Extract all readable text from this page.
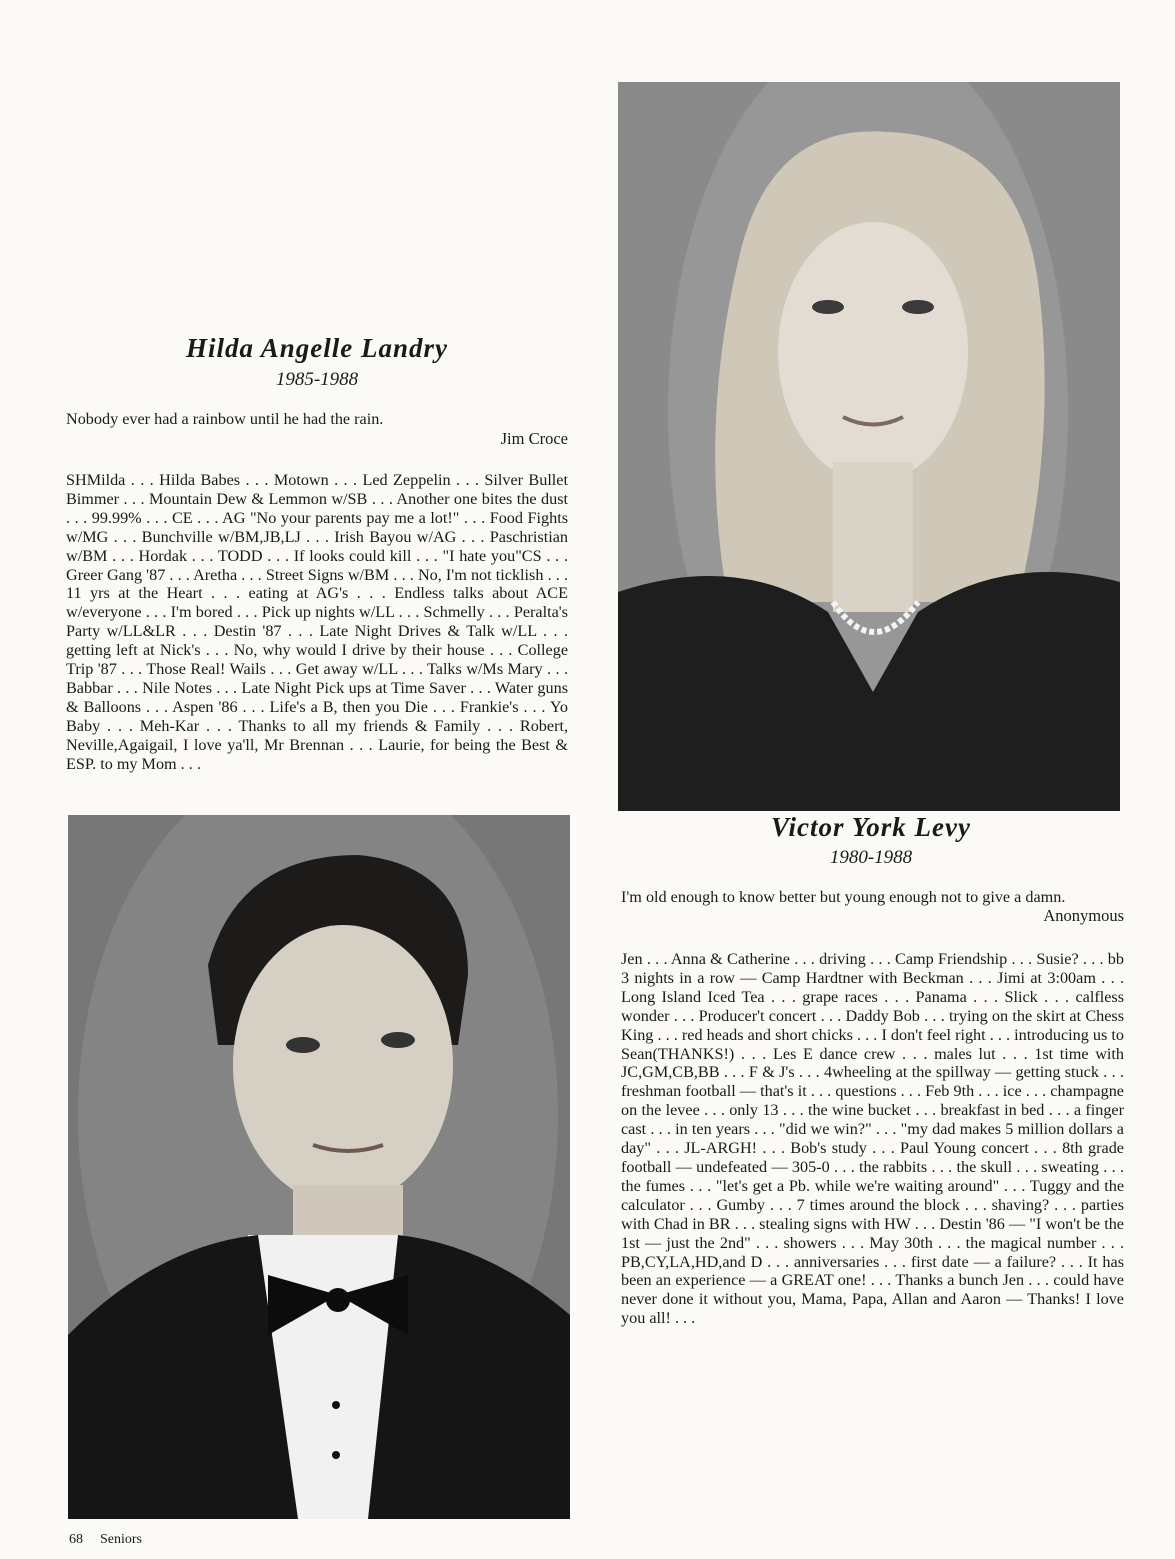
Hilda Angelle Landry
1985-1988

Nobody ever had a rainbow until he had the rain.

Jim Croce

SHMilda . . . Hilda Babes . . . Motown . . . Led Zeppelin . . . Silver Bullet Bimmer . . . Mountain Dew & Lemmon w/SB . . . Another one bites the dust . . . 99.99% . . . CE . . . AG "No your parents pay me a lot!" . . . Food Fights w/MG . . . Bunchville w/BM,JB,LJ . . . Irish Bayou w/AG . . . Paschristian w/BM . . . Hordak . . . TODD . . . If looks could kill . . . "I hate you"CS . . . Greer Gang '87 . . . Aretha . . . Street Signs w/BM . . . No, I'm not ticklish . . . 11 yrs at the Heart . . . eating at AG's . . . Endless talks about ACE w/everyone . . . I'm bored . . . Pick up nights w/LL . . . Schmelly . . . Peralta's Party w/LL&LR . . . Destin '87 . . . Late Night Drives & Talk w/LL . . . getting left at Nick's . . . No, why would I drive by their house . . . College Trip '87 . . . Those Real! Wails . . . Get away w/LL . . . Talks w/Ms Mary . . . Babbar . . . Nile Notes . . . Late Night Pick ups at Time Saver . . . Water guns & Balloons . . . Aspen '86 . . . Life's a B, then you Die . . . Frankie's . . . Yo Baby . . . Meh-Kar . . . Thanks to all my friends & Family . . . Robert, Neville,Agaigail, I love ya'll, Mr Brennan . . . Laurie, for being the Best & ESP. to my Mom . . .

Victor York Levy
1980-1988

I'm old enough to know better but young enough not to give a damn.

Anonymous

Jen . . . Anna & Catherine . . . driving . . . Camp Friendship . . . Susie? . . . bb 3 nights in a row — Camp Hardtner with Beckman . . . Jimi at 3:00am . . . Long Island Iced Tea . . . grape races . . . Panama . . . Slick . . . calfless wonder . . . Producer't concert . . . Daddy Bob . . . trying on the skirt at Chess King . . . red heads and short chicks . . . I don't feel right . . . introducing us to Sean(THANKS!) . . . Les E dance crew . . . males lut . . . 1st time with JC,GM,CB,BB . . . F & J's . . . 4wheeling at the spillway — getting stuck . . . freshman football — that's it . . . questions . . . Feb 9th . . . ice . . . champagne on the levee . . . only 13 . . . the wine bucket . . . breakfast in bed . . . a finger cast . . . in ten years . . . "did we win?" . . . "my dad makes 5 million dollars a day" . . . JL-ARGH! . . . Bob's study . . . Paul Young concert . . . 8th grade football — undefeated — 305-0 . . . the rabbits . . . the skull . . . sweating . . . the fumes . . . "let's get a Pb. while we're waiting around" . . . Tuggy and the calculator . . . Gumby . . . 7 times around the block . . . shaving? . . . parties with Chad in BR . . . stealing signs with HW . . . Destin '86 — "I won't be the 1st — just the 2nd" . . . showers . . . May 30th . . . the magical number . . . PB,CY,LA,HD,and D . . . anniversaries . . . first date — a failure? . . . It has been an experience — a GREAT one! . . . Thanks a bunch Jen . . . could have never done it without you, Mama, Papa, Allan and Aaron — Thanks! I love you all! . . .

68 Seniors
